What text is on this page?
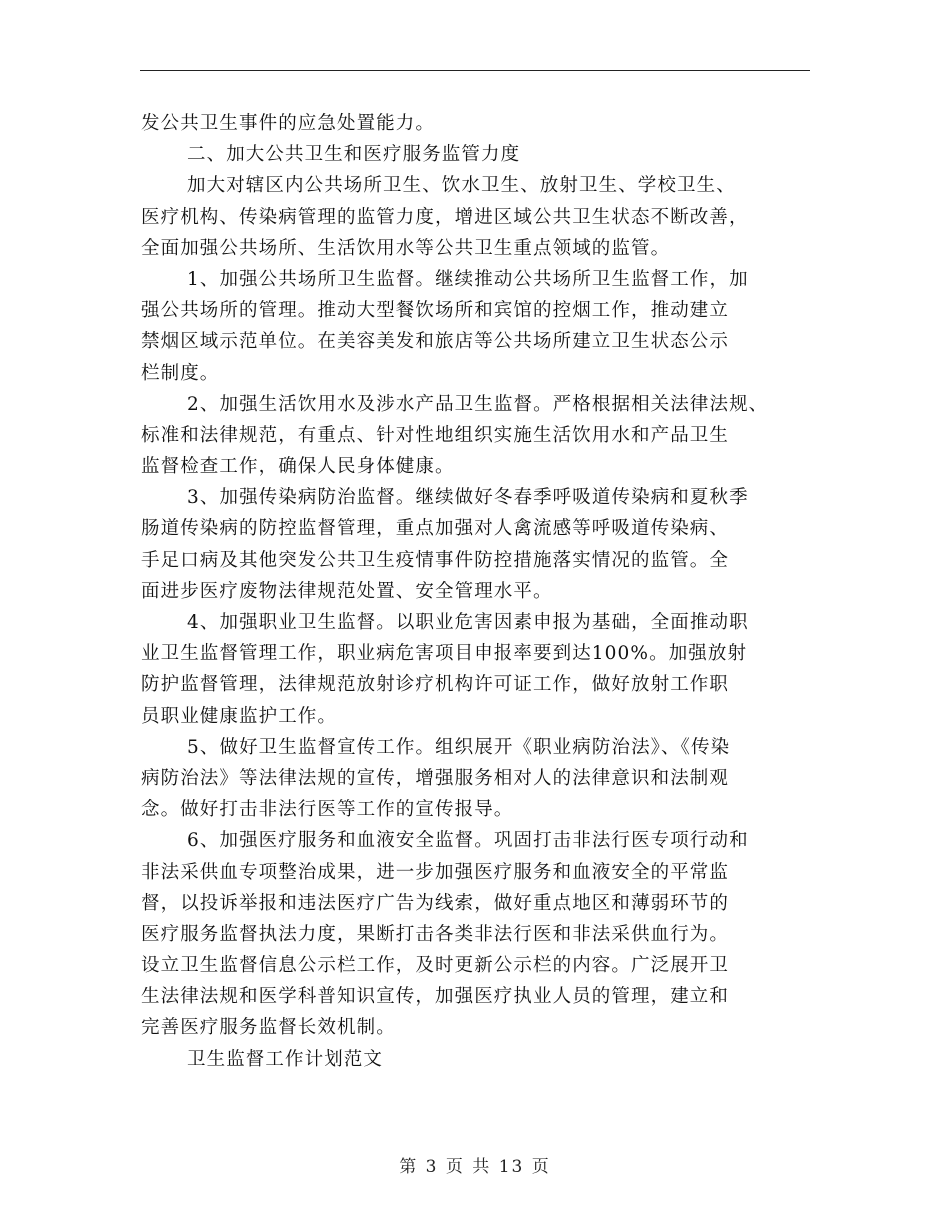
发公共卫生事件的应急处置能力。
二、加大公共卫生和医疗服务监管力度
加大对辖区内公共场所卫生、饮水卫生、放射卫生、学校卫生、
医疗机构、传染病管理的监管力度，增进区域公共卫生状态不断改善，
全面加强公共场所、生活饮用水等公共卫生重点领域的监管。
1、加强公共场所卫生监督。继续推动公共场所卫生监督工作，加
强公共场所的管理。推动大型餐饮场所和宾馆的控烟工作，推动建立
禁烟区域示范单位。在美容美发和旅店等公共场所建立卫生状态公示
栏制度。
2、加强生活饮用水及涉水产品卫生监督。严格根据相关法律法规、
标准和法律规范，有重点、针对性地组织实施生活饮用水和产品卫生
监督检查工作，确保人民身体健康。
3、加强传染病防治监督。继续做好冬春季呼吸道传染病和夏秋季
肠道传染病的防控监督管理，重点加强对人禽流感等呼吸道传染病、
手足口病及其他突发公共卫生疫情事件防控措施落实情况的监管。全
面进步医疗废物法律规范处置、安全管理水平。
4、加强职业卫生监督。以职业危害因素申报为基础，全面推动职
业卫生监督管理工作，职业病危害项目申报率要到达100%。加强放射
防护监督管理，法律规范放射诊疗机构许可证工作，做好放射工作职
员职业健康监护工作。
5、做好卫生监督宣传工作。组织展开《职业病防治法》、《传染
病防治法》等法律法规的宣传，增强服务相对人的法律意识和法制观
念。做好打击非法行医等工作的宣传报导。
6、加强医疗服务和血液安全监督。巩固打击非法行医专项行动和
非法采供血专项整治成果，进一步加强医疗服务和血液安全的平常监
督，以投诉举报和违法医疗广告为线索，做好重点地区和薄弱环节的
医疗服务监督执法力度，果断打击各类非法行医和非法采供血行为。
设立卫生监督信息公示栏工作，及时更新公示栏的内容。广泛展开卫
生法律法规和医学科普知识宣传，加强医疗执业人员的管理，建立和
完善医疗服务监督长效机制。
卫生监督工作计划范文
第 3 页 共 13 页
